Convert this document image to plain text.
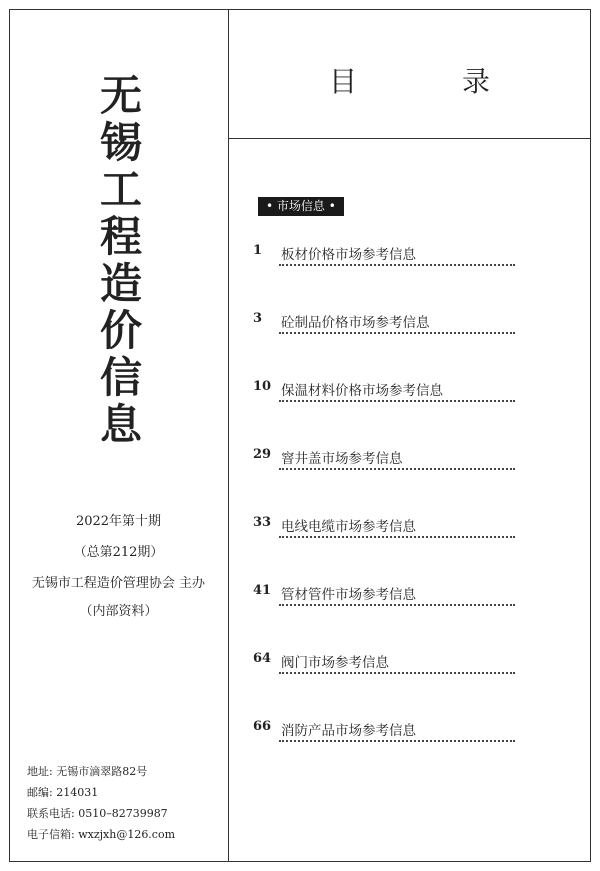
无
锡
工
程
造
价
信
息
2022年第十期
（总第212期）
无锡市工程造价管理协会 主办
（内部资料）
地址: 无锡市滴翠路82号
邮编: 214031
联系电话: 0510–82739987
电子信箱: wxzjxh@126.com
目 录
• 市场信息 •
1	板材价格市场参考信息
3	砼制品价格市场参考信息
10 保温材料价格市场参考信息
29 窨井盖市场参考信息
33 电线电缆市场参考信息
41 管材管件市场参考信息
64 阀门市场参考信息
66 消防产品市场参考信息
